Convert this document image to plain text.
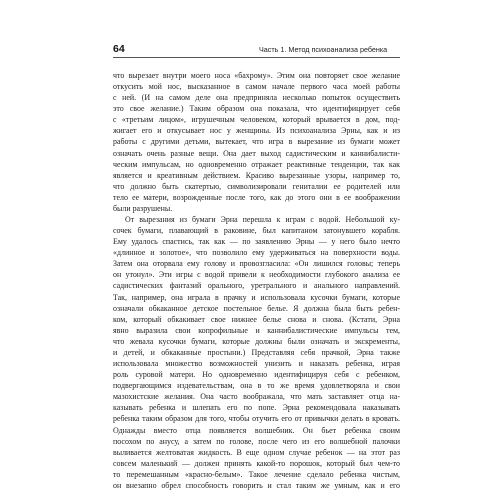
64	Часть 1. Метод психоанализа ребенка
что вырезает внутри моего носа «бахрому». Этим она повторяет свое желание
откусить мой нос, высказанное в самом начале первого часа моей работы
с ней. (И на самом деле она предприняла несколько попыток осуществить
это свое желание.) Таким образом она показала, что идентифицирует себя
с «третьим лицом», игрушечным человеком, который врывается в дом, под-
жигает его и откусывает нос у женщины. Из психоанализа Эрны, как и из
работы с другими детьми, вытекает, что игра в вырезание из бумаги может
означать очень разные вещи. Она дает выход садистическим и каннибалисти-
ческим импульсам, но одновременно отражает реактивные тенденции, так как
является и креативным действием. Красиво вырезанные узоры, например то,
что должно быть скатертью, символизировали гениталии ее родителей или
тело ее матери, возрожденные после того, как до этого они в ее воображении
были разрушены.
От вырезания из бумаги Эрна перешла к играм с водой. Небольшой ку-
сочек бумаги, плавающий в раковине, был капитаном затонувшего корабля.
Ему удалось спастись, так как — по заявлению Эрны — у него было нечто
«длинное и золотое», что позволило ему удерживаться на поверхности воды.
Затем она оторвала ему голову и провозгласила: «Он лишился головы; теперь
он утонул». Эти игры с водой привели к необходимости глубокого анализа ее
садистических фантазий орального, уретрального и анального направлений.
Так, например, она играла в прачку и использовала кусочки бумаги, которые
означали обкаканное детское постельное белье. Я должна была быть ребен-
ком, который обкакивает свое нижнее белье снова и снова. (Кстати, Эрна
явно выразила свои копрофильные и каннибалистические импульсы тем,
что жевала кусочки бумаги, которые должны были означать и экскременты,
и детей, и обкаканные простыни.) Представляя себя прачкой, Эрна также
использовала множество возможностей унизить и наказать ребенка, играя
роль суровой матери. Но одновременно идентифицируя себя с ребенком,
подвергающимся издевательствам, она в то же время удовлетворяла и свои
мазохистские желания. Она часто воображала, что мать заставляет отца на-
казывать ребенка и шлепать его по попе. Эрна рекомендовала наказывать
ребенка таким образом для того, чтобы отучить его от привычки делать в кровать.
Однажды вместо отца появляется волшебник. Он бьет ребенка своим
посохом по анусу, а затем по голове, после чего из его волшебной палочки
выливается желтоватая жидкость. В еще одном случае ребенок — на этот раз
совсем маленький — должен принять какой-то порошок, который был чем-то
то перемешанным «красно-белым». Такое лечение сделало ребенка чистым,
он внезапно обрел способность говорить и стал таким же умным, как и его
